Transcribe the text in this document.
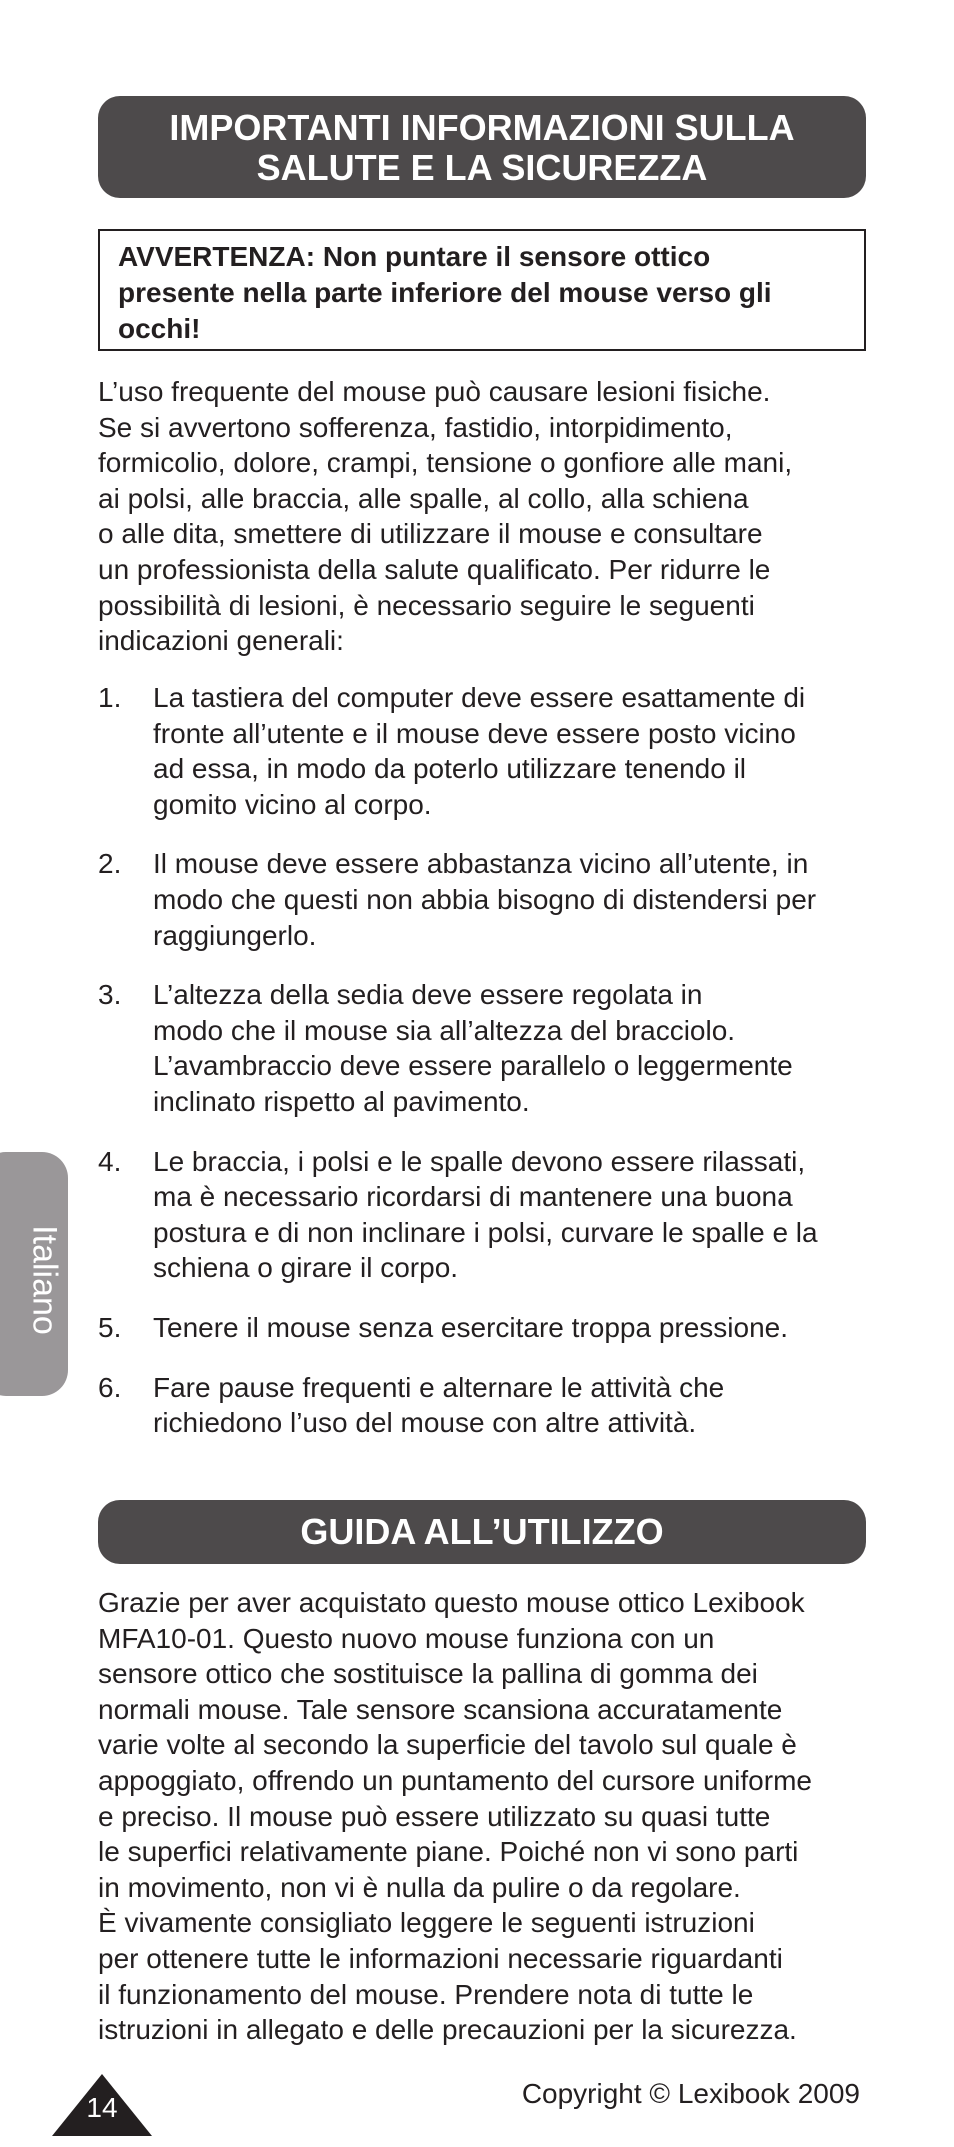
IMPORTANTI INFORMAZIONI SULLA
SALUTE E LA SICUREZZA
AVVERTENZA: Non puntare il sensore ottico
presente nella parte inferiore del mouse verso gli
occhi!

L’uso frequente del mouse può causare lesioni fisiche.
Se si avvertono sofferenza, fastidio, intorpidimento,
formicolio, dolore, crampi, tensione o gonfiore alle mani,
ai polsi, alle braccia, alle spalle, al collo, alla schiena
o alle dita, smettere di utilizzare il mouse e consultare
un professionista della salute qualificato. Per ridurre le
possibilità di lesioni, è necessario seguire le seguenti
indicazioni generali:

1. La tastiera del computer deve essere esattamente di
fronte all’utente e il mouse deve essere posto vicino
ad essa, in modo da poterlo utilizzare tenendo il
gomito vicino al corpo.
2. Il mouse deve essere abbastanza vicino all’utente, in
modo che questi non abbia bisogno di distendersi per
raggiungerlo.
3. L’altezza della sedia deve essere regolata in
modo che il mouse sia all’altezza del bracciolo.
L’avambraccio deve essere parallelo o leggermente
inclinato rispetto al pavimento.
4. Le braccia, i polsi e le spalle devono essere rilassati,
ma è necessario ricordarsi di mantenere una buona
postura e di non inclinare i polsi, curvare le spalle e la
schiena o girare il corpo.
5. Tenere il mouse senza esercitare troppa pressione.
6. Fare pause frequenti e alternare le attività che
richiedono l’uso del mouse con altre attività.
GUIDA ALL’UTILIZZO

Grazie per aver acquistato questo mouse ottico Lexibook
MFA10-01. Questo nuovo mouse funziona con un
sensore ottico che sostituisce la pallina di gomma dei
normali mouse. Tale sensore scansiona accuratamente
varie volte al secondo la superficie del tavolo sul quale è
appoggiato, offrendo un puntamento del cursore uniforme
e preciso. Il mouse può essere utilizzato su quasi tutte
le superfici relativamente piane. Poiché non vi sono parti
in movimento, non vi è nulla da pulire o da regolare.
È vivamente consigliato leggere le seguenti istruzioni
per ottenere tutte le informazioni necessarie riguardanti
il funzionamento del mouse. Prendere nota di tutte le
istruzioni in allegato e delle precauzioni per la sicurezza.

Italiano
14	Copyright © Lexibook 2009
